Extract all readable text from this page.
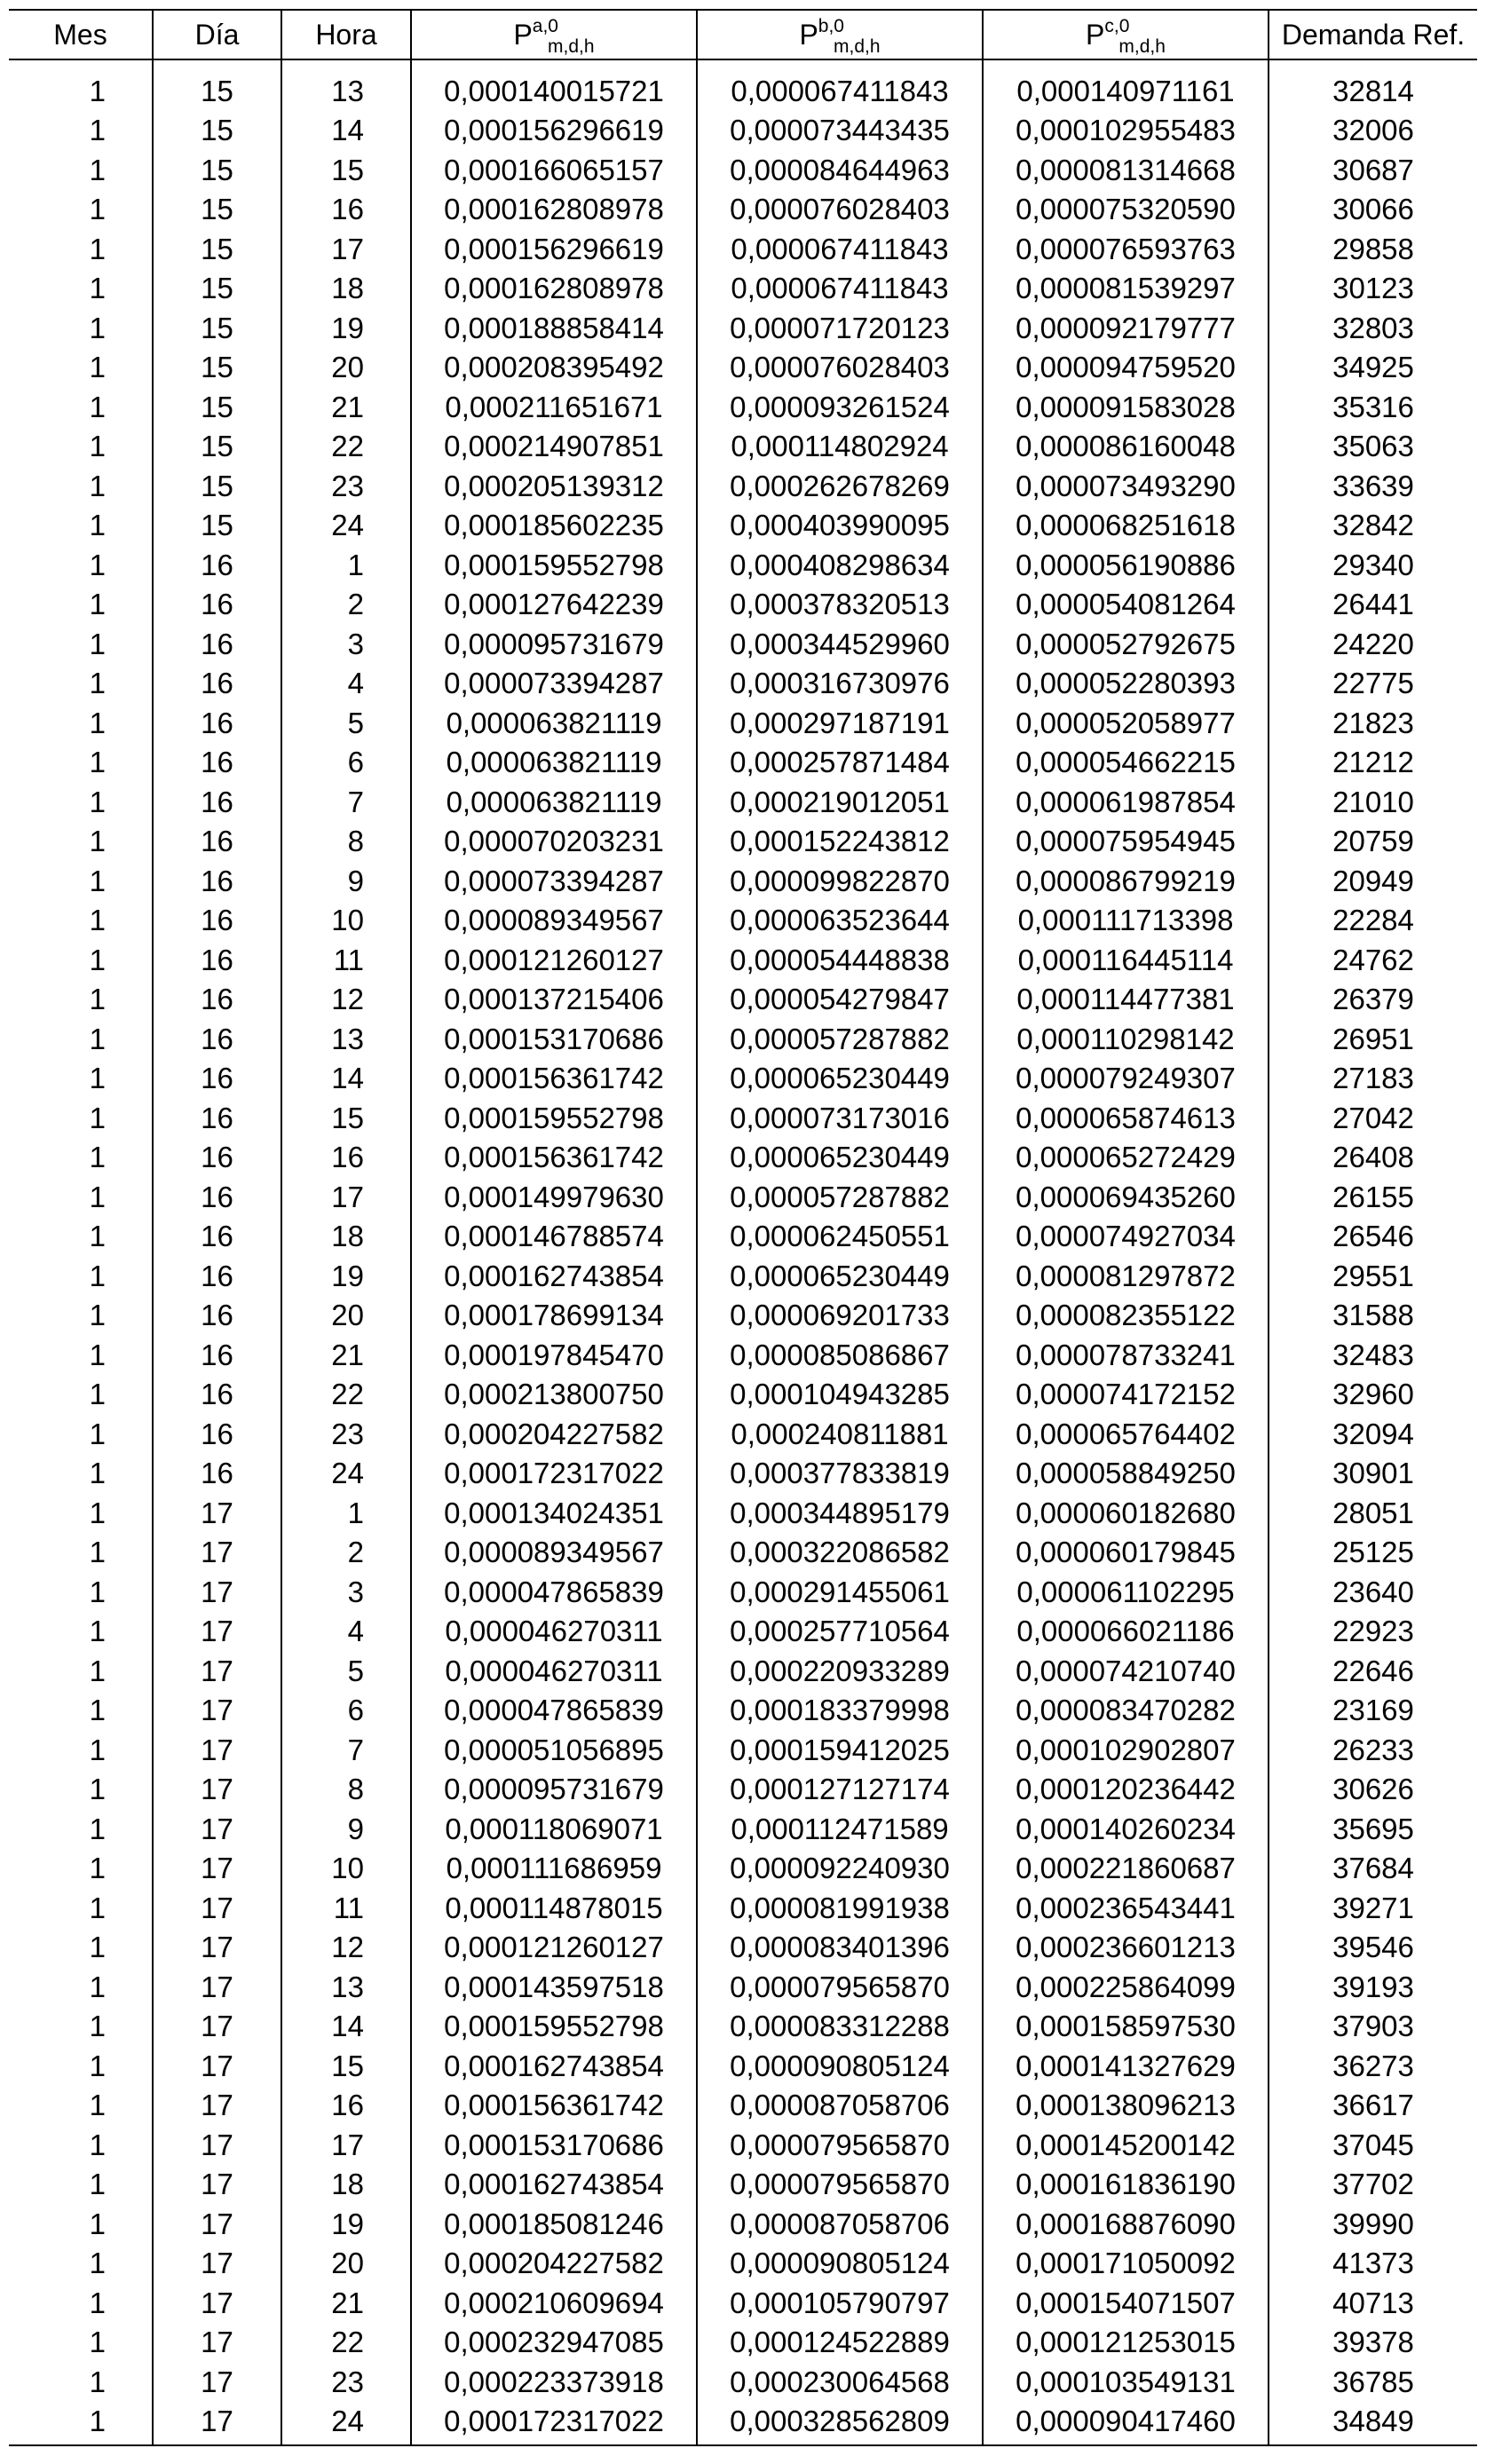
Mes	Día	Hora	P$^{a,0}_{m,d,h}$	P$^{b,0}_{m,d,h}$	P$^{c,0}_{m,d,h}$	Demanda Ref.
1	15	13	0,000140015721	0,000067411843	0,000140971161	32814
1	15	14	0,000156296619	0,000073443435	0,000102955483	32006
1	15	15	0,000166065157	0,000084644963	0,000081314668	30687
1	15	16	0,000162808978	0,000076028403	0,000075320590	30066
1	15	17	0,000156296619	0,000067411843	0,000076593763	29858
1	15	18	0,000162808978	0,000067411843	0,000081539297	30123
1	15	19	0,000188858414	0,000071720123	0,000092179777	32803
1	15	20	0,000208395492	0,000076028403	0,000094759520	34925
1	15	21	0,000211651671	0,000093261524	0,000091583028	35316
1	15	22	0,000214907851	0,000114802924	0,000086160048	35063
1	15	23	0,000205139312	0,000262678269	0,000073493290	33639
1	15	24	0,000185602235	0,000403990095	0,000068251618	32842
1	16	1	0,000159552798	0,000408298634	0,000056190886	29340
1	16	2	0,000127642239	0,000378320513	0,000054081264	26441
1	16	3	0,000095731679	0,000344529960	0,000052792675	24220
1	16	4	0,000073394287	0,000316730976	0,000052280393	22775
1	16	5	0,000063821119	0,000297187191	0,000052058977	21823
1	16	6	0,000063821119	0,000257871484	0,000054662215	21212
1	16	7	0,000063821119	0,000219012051	0,000061987854	21010
1	16	8	0,000070203231	0,000152243812	0,000075954945	20759
1	16	9	0,000073394287	0,000099822870	0,000086799219	20949
1	16	10	0,000089349567	0,000063523644	0,000111713398	22284
1	16	11	0,000121260127	0,000054448838	0,000116445114	24762
1	16	12	0,000137215406	0,000054279847	0,000114477381	26379
1	16	13	0,000153170686	0,000057287882	0,000110298142	26951
1	16	14	0,000156361742	0,000065230449	0,000079249307	27183
1	16	15	0,000159552798	0,000073173016	0,000065874613	27042
1	16	16	0,000156361742	0,000065230449	0,000065272429	26408
1	16	17	0,000149979630	0,000057287882	0,000069435260	26155
1	16	18	0,000146788574	0,000062450551	0,000074927034	26546
1	16	19	0,000162743854	0,000065230449	0,000081297872	29551
1	16	20	0,000178699134	0,000069201733	0,000082355122	31588
1	16	21	0,000197845470	0,000085086867	0,000078733241	32483
1	16	22	0,000213800750	0,000104943285	0,000074172152	32960
1	16	23	0,000204227582	0,000240811881	0,000065764402	32094
1	16	24	0,000172317022	0,000377833819	0,000058849250	30901
1	17	1	0,000134024351	0,000344895179	0,000060182680	28051
1	17	2	0,000089349567	0,000322086582	0,000060179845	25125
1	17	3	0,000047865839	0,000291455061	0,000061102295	23640
1	17	4	0,000046270311	0,000257710564	0,000066021186	22923
1	17	5	0,000046270311	0,000220933289	0,000074210740	22646
1	17	6	0,000047865839	0,000183379998	0,000083470282	23169
1	17	7	0,000051056895	0,000159412025	0,000102902807	26233
1	17	8	0,000095731679	0,000127127174	0,000120236442	30626
1	17	9	0,000118069071	0,000112471589	0,000140260234	35695
1	17	10	0,000111686959	0,000092240930	0,000221860687	37684
1	17	11	0,000114878015	0,000081991938	0,000236543441	39271
1	17	12	0,000121260127	0,000083401396	0,000236601213	39546
1	17	13	0,000143597518	0,000079565870	0,000225864099	39193
1	17	14	0,000159552798	0,000083312288	0,000158597530	37903
1	17	15	0,000162743854	0,000090805124	0,000141327629	36273
1	17	16	0,000156361742	0,000087058706	0,000138096213	36617
1	17	17	0,000153170686	0,000079565870	0,000145200142	37045
1	17	18	0,000162743854	0,000079565870	0,000161836190	37702
1	17	19	0,000185081246	0,000087058706	0,000168876090	39990
1	17	20	0,000204227582	0,000090805124	0,000171050092	41373
1	17	21	0,000210609694	0,000105790797	0,000154071507	40713
1	17	22	0,000232947085	0,000124522889	0,000121253015	39378
1	17	23	0,000223373918	0,000230064568	0,000103549131	36785
1	17	24	0,000172317022	0,000328562809	0,000090417460	34849
